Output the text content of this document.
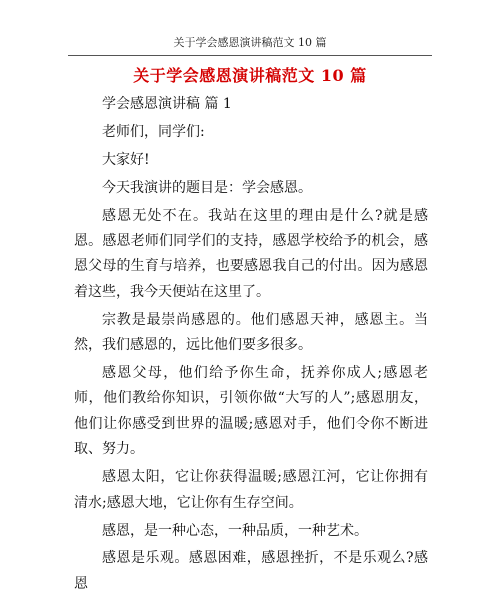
关于学会感恩演讲稿范文 10 篇
关于学会感恩演讲稿范文 10 篇

学会感恩演讲稿 篇 1

老师们，同学们:

大家好!

今天我演讲的题目是：学会感恩。

感恩无处不在。我站在这里的理由是什么?就是感恩。感恩老师们同学们的支持，感恩学校给予的机会，感恩父母的生育与培养，也要感恩我自己的付出。因为感恩着这些，我今天便站在这里了。

宗教是最崇尚感恩的。他们感恩天神，感恩主。当然，我们感恩的，远比他们要多很多。

感恩父母，他们给予你生命，抚养你成人;感恩老师，他们教给你知识，引领你做“大写的人”;感恩朋友，他们让你感受到世界的温暖;感恩对手，他们令你不断进取、努力。

感恩太阳，它让你获得温暖;感恩江河，它让你拥有清水;感恩大地，它让你有生存空间。

感恩，是一种心态，一种品质，一种艺术。

感恩是乐观。感恩困难，感恩挫折，不是乐观么?感恩
